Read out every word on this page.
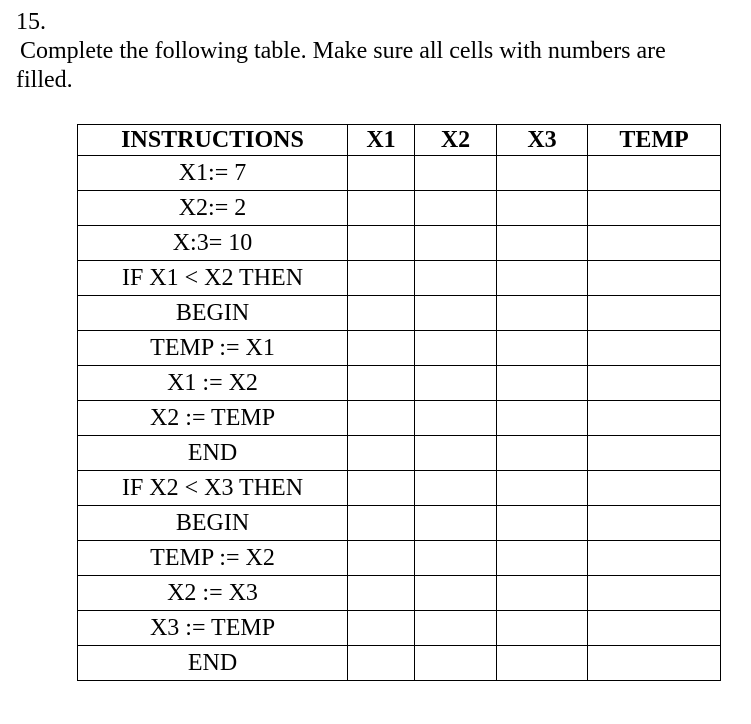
15.
Complete the following table. Make sure all cells with numbers are filled.
INSTRUCTIONS	X1	X2	X3	TEMP
X1:= 7				
X2:= 2				
X:3= 10				
IF X1 < X2 THEN				
BEGIN				
TEMP := X1				
X1 := X2				
X2 := TEMP				
END				
IF X2 < X3 THEN				
BEGIN				
TEMP := X2				
X2 := X3				
X3 := TEMP				
END				
